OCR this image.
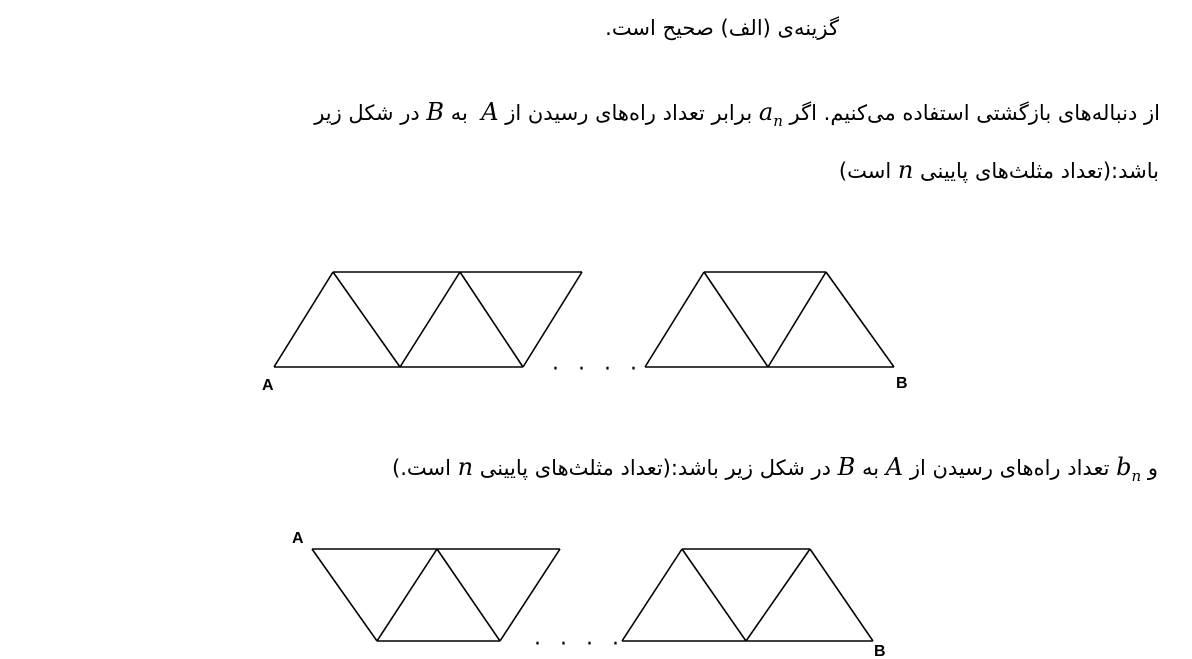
گزینه‌ی (الف) صحیح است.
از دنباله‌های بازگشتی استفاده می‌کنیم. اگر $a_n$ برابر تعداد راه‌های رسیدن از A  به B در شکل زیر
باشد:(تعداد مثلث‌های پایینی n است)
A	B
· · · ·
و $b_n$ تعداد راه‌های رسیدن از A به B در شکل زیر باشد:(تعداد مثلث‌های پایینی n است.)
A
B
· · · ·
